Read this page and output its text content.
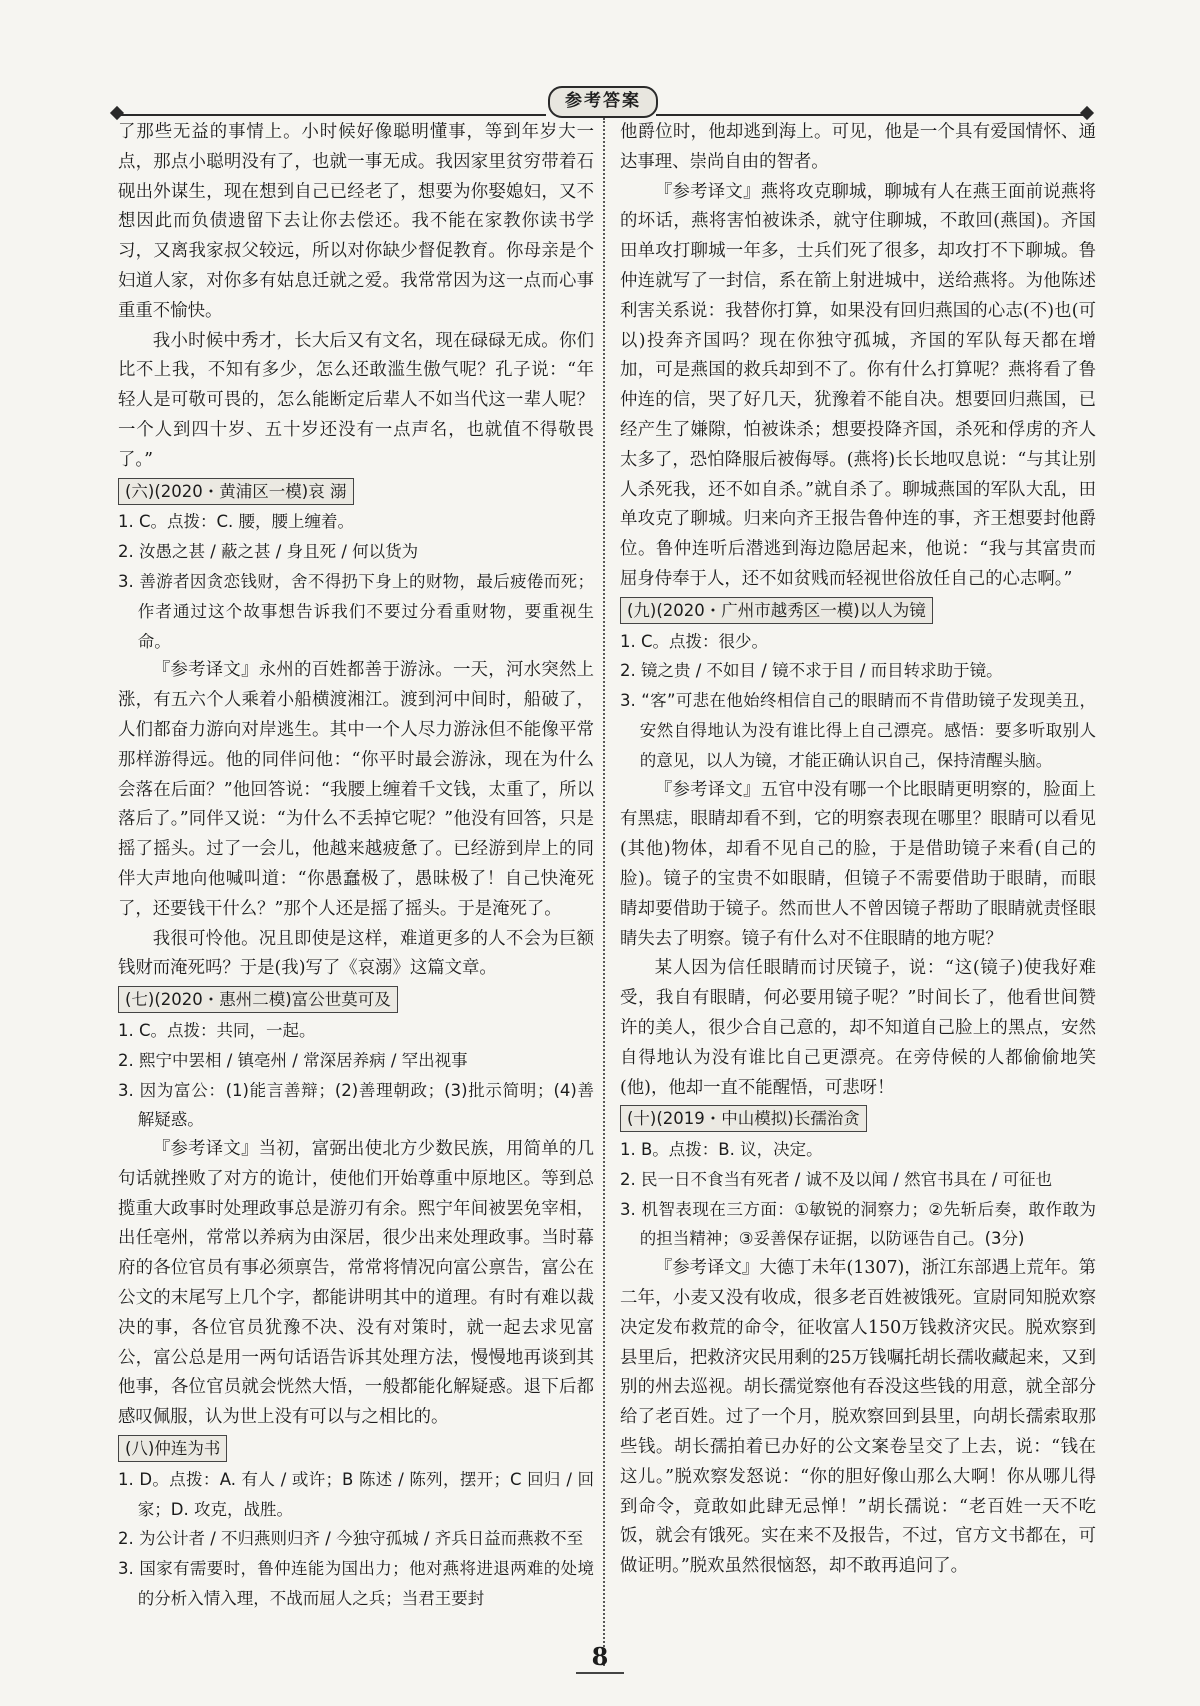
参考答案

了那些无益的事情上。小时候好像聪明懂事，等到年岁大一点，那点小聪明没有了，也就一事无成。我因家里贫穷带着石砚出外谋生，现在想到自己已经老了，想要为你娶媳妇，又不想因此而负债遗留下去让你去偿还。我不能在家教你读书学习，又离我家叔父较远，所以对你缺少督促教育。你母亲是个妇道人家，对你多有姑息迁就之爱。我常常因为这一点而心事重重不愉快。

我小时候中秀才，长大后又有文名，现在碌碌无成。你们比不上我，不知有多少，怎么还敢滥生傲气呢？孔子说：“年轻人是可敬可畏的，怎么能断定后辈人不如当代这一辈人呢？一个人到四十岁、五十岁还没有一点声名，也就值不得敬畏了。”

(六)(2020・黄浦区一模)哀 溺

1. C。点拨：C. 腰，腰上缠着。

2. 汝愚之甚 / 蔽之甚 / 身且死 / 何以货为

3. 善游者因贪恋钱财，舍不得扔下身上的财物，最后疲倦而死；作者通过这个故事想告诉我们不要过分看重财物，要重视生命。

『参考译文』永州的百姓都善于游泳。一天，河水突然上涨，有五六个人乘着小船横渡湘江。渡到河中间时，船破了，人们都奋力游向对岸逃生。其中一个人尽力游泳但不能像平常那样游得远。他的同伴问他：“你平时最会游泳，现在为什么会落在后面？”他回答说：“我腰上缠着千文钱，太重了，所以落后了。”同伴又说：“为什么不丢掉它呢？”他没有回答，只是摇了摇头。过了一会儿，他越来越疲惫了。已经游到岸上的同伴大声地向他喊叫道：“你愚蠢极了，愚昧极了！自己快淹死了，还要钱干什么？”那个人还是摇了摇头。于是淹死了。

我很可怜他。况且即使是这样，难道更多的人不会为巨额钱财而淹死吗？于是(我)写了《哀溺》这篇文章。

(七)(2020・惠州二模)富公世莫可及

1. C。点拨：共同，一起。

2. 熙宁中罢相 / 镇亳州 / 常深居养病 / 罕出视事

3. 因为富公：(1)能言善辩；(2)善理朝政；(3)批示简明；(4)善解疑惑。

『参考译文』当初，富弼出使北方少数民族，用简单的几句话就挫败了对方的诡计，使他们开始尊重中原地区。等到总揽重大政事时处理政事总是游刃有余。熙宁年间被罢免宰相，出任亳州，常常以养病为由深居，很少出来处理政事。当时幕府的各位官员有事必须禀告，常常将情况向富公禀告，富公在公文的末尾写上几个字，都能讲明其中的道理。有时有难以裁决的事，各位官员犹豫不决、没有对策时，就一起去求见富公，富公总是用一两句话语告诉其处理方法，慢慢地再谈到其他事，各位官员就会恍然大悟，一般都能化解疑惑。退下后都感叹佩服，认为世上没有可以与之相比的。

(八)仲连为书

1. D。点拨：A. 有人 / 或许；B 陈述 / 陈列，摆开；C 回归 / 回家；D. 攻克，战胜。

2. 为公计者 / 不归燕则归齐 / 今独守孤城 / 齐兵日益而燕救不至

3. 国家有需要时，鲁仲连能为国出力；他对燕将进退两难的处境的分析入情入理，不战而屈人之兵；当君王要封

他爵位时，他却逃到海上。可见，他是一个具有爱国情怀、通达事理、崇尚自由的智者。

『参考译文』燕将攻克聊城，聊城有人在燕王面前说燕将的坏话，燕将害怕被诛杀，就守住聊城，不敢回(燕国)。齐国田单攻打聊城一年多，士兵们死了很多，却攻打不下聊城。鲁仲连就写了一封信，系在箭上射进城中，送给燕将。为他陈述利害关系说：我替你打算，如果没有回归燕国的心志(不)也(可以)投奔齐国吗？现在你独守孤城，齐国的军队每天都在增加，可是燕国的救兵却到不了。你有什么打算呢？燕将看了鲁仲连的信，哭了好几天，犹豫着不能自决。想要回归燕国，已经产生了嫌隙，怕被诛杀；想要投降齐国，杀死和俘虏的齐人太多了，恐怕降服后被侮辱。(燕将)长长地叹息说：“与其让别人杀死我，还不如自杀。”就自杀了。聊城燕国的军队大乱，田单攻克了聊城。归来向齐王报告鲁仲连的事，齐王想要封他爵位。鲁仲连听后潜逃到海边隐居起来，他说：“我与其富贵而屈身侍奉于人，还不如贫贱而轻视世俗放任自己的心志啊。”

(九)(2020・广州市越秀区一模)以人为镜

1. C。点拨：很少。

2. 镜之贵 / 不如目 / 镜不求于目 / 而目转求助于镜。

3. “客”可悲在他始终相信自己的眼睛而不肯借助镜子发现美丑，安然自得地认为没有谁比得上自己漂亮。感悟：要多听取别人的意见，以人为镜，才能正确认识自己，保持清醒头脑。

『参考译文』五官中没有哪一个比眼睛更明察的，脸面上有黑痣，眼睛却看不到，它的明察表现在哪里？眼睛可以看见(其他)物体，却看不见自己的脸，于是借助镜子来看(自己的脸)。镜子的宝贵不如眼睛，但镜子不需要借助于眼睛，而眼睛却要借助于镜子。然而世人不曾因镜子帮助了眼睛就责怪眼睛失去了明察。镜子有什么对不住眼睛的地方呢？

某人因为信任眼睛而讨厌镜子，说：“这(镜子)使我好难受，我自有眼睛，何必要用镜子呢？”时间长了，他看世间赞许的美人，很少合自己意的，却不知道自己脸上的黑点，安然自得地认为没有谁比自己更漂亮。在旁侍候的人都偷偷地笑(他)，他却一直不能醒悟，可悲呀！

(十)(2019・中山模拟)长孺治贪

1. B。点拨：B. 议，决定。

2. 民一日不食当有死者 / 诚不及以闻 / 然官书具在 / 可征也

3. 机智表现在三方面：①敏锐的洞察力；②先斩后奏，敢作敢为的担当精神；③妥善保存证据，以防诬告自己。(3分)

『参考译文』大德丁未年(1307)，浙江东部遇上荒年。第二年，小麦又没有收成，很多老百姓被饿死。宣尉同知脱欢察决定发布救荒的命令，征收富人150万钱救济灾民。脱欢察到县里后，把救济灾民用剩的25万钱嘱托胡长孺收藏起来，又到别的州去巡视。胡长孺觉察他有吞没这些钱的用意，就全部分给了老百姓。过了一个月，脱欢察回到县里，向胡长孺索取那些钱。胡长孺拍着已办好的公文案卷呈交了上去，说：“钱在这儿。”脱欢察发怒说：“你的胆好像山那么大啊！你从哪儿得到命令，竟敢如此肆无忌惮！”胡长孺说：“老百姓一天不吃饭，就会有饿死。实在来不及报告，不过，官方文书都在，可做证明。”脱欢虽然很恼怒，却不敢再追问了。

8
